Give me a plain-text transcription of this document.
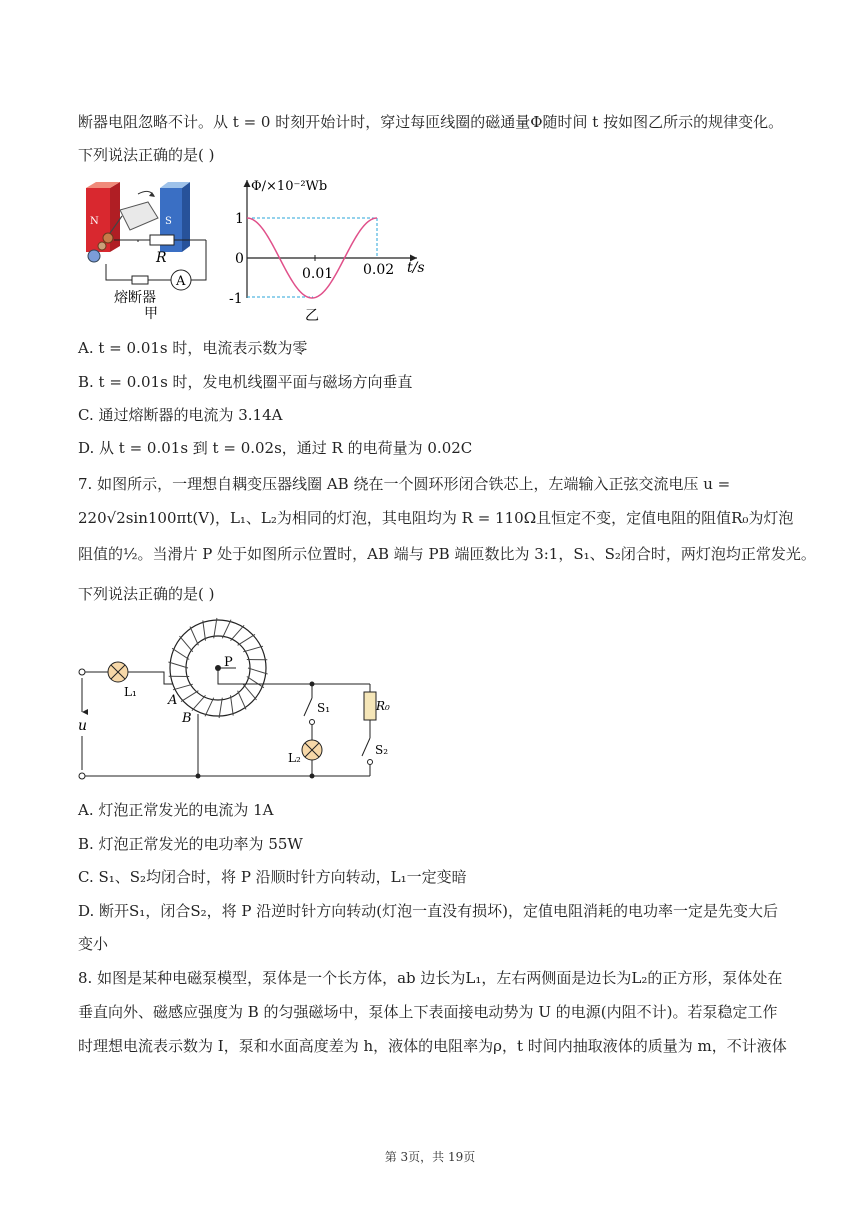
断器电阻忽略不计。从 t = 0 时刻开始计时，穿过每匝线圈的磁通量Φ随时间 t 按如图乙所示的规律变化。
下列说法正确的是( )
N	S
R
A
熔断器
甲
Φ/×10⁻²Wb
t/s
1
0
-1
0.01 0.02
乙
A. t = 0.01s 时，电流表示数为零
B. t = 0.01s 时，发电机线圈平面与磁场方向垂直
C. 通过熔断器的电流为 3.14A
D. 从 t = 0.01s 到 t = 0.02s，通过 R 的电荷量为 0.02C
7. 如图所示，一理想自耦变压器线圈 AB 绕在一个圆环形闭合铁芯上，左端输入正弦交流电压 u =
220√2sin100πt(V)，L₁、L₂为相同的灯泡，其电阻均为 R = 110Ω且恒定不变，定值电阻的阻值R₀为灯泡
阻值的½。当滑片 P 处于如图所示位置时，AB 端与 PB 端匝数比为 3:1，S₁、S₂闭合时，两灯泡均正常发光。
下列说法正确的是( )
u
L₁
A
B
P
S₁
L₂
R₀
S₂
A. 灯泡正常发光的电流为 1A
B. 灯泡正常发光的电功率为 55W
C. S₁、S₂均闭合时，将 P 沿顺时针方向转动，L₁一定变暗
D. 断开S₁，闭合S₂，将 P 沿逆时针方向转动(灯泡一直没有损坏)，定值电阻消耗的电功率一定是先变大后
变小
8. 如图是某种电磁泵模型，泵体是一个长方体，ab 边长为L₁，左右两侧面是边长为L₂的正方形，泵体处在
垂直向外、磁感应强度为 B 的匀强磁场中，泵体上下表面接电动势为 U 的电源(内阻不计)。若泵稳定工作
时理想电流表示数为 I，泵和水面高度差为 h，液体的电阻率为ρ，t 时间内抽取液体的质量为 m，不计液体
第 3页，共 19页
